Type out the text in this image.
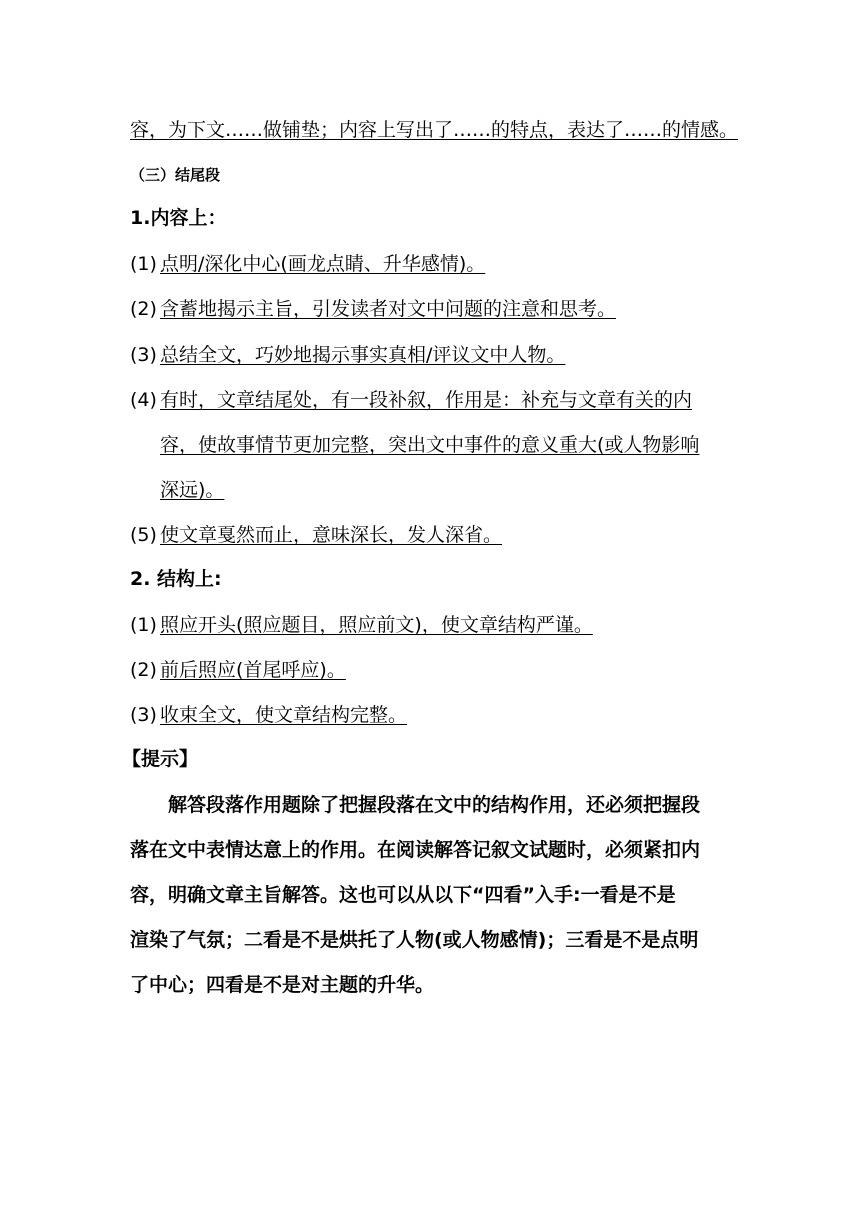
容，为下文……做铺垫；内容上写出了……的特点，表达了……的情感。
（三）结尾段
1.内容上：
(1) 点明/深化中心(画龙点睛、升华感情)。
(2) 含蓄地揭示主旨，引发读者对文中问题的注意和思考。
(3) 总结全文，巧妙地揭示事实真相/评议文中人物。
(4) 有时，文章结尾处，有一段补叙，作用是：补充与文章有关的内
容，使故事情节更加完整，突出文中事件的意义重大(或人物影响
深远)。
(5) 使文章戛然而止，意味深长，发人深省。
2. 结构上:
(1) 照应开头(照应题目，照应前文)，使文章结构严谨。
(2) 前后照应(首尾呼应)。
(3) 收束全文，使文章结构完整。
【提示】
　　解答段落作用题除了把握段落在文中的结构作用，还必须把握段
落在文中表情达意上的作用。在阅读解答记叙文试题时，必须紧扣内
容，明确文章主旨解答。这也可以从以下“四看”入手:一看是不是
渲染了气氛；二看是不是烘托了人物(或人物感情)；三看是不是点明
了中心；四看是不是对主题的升华。
